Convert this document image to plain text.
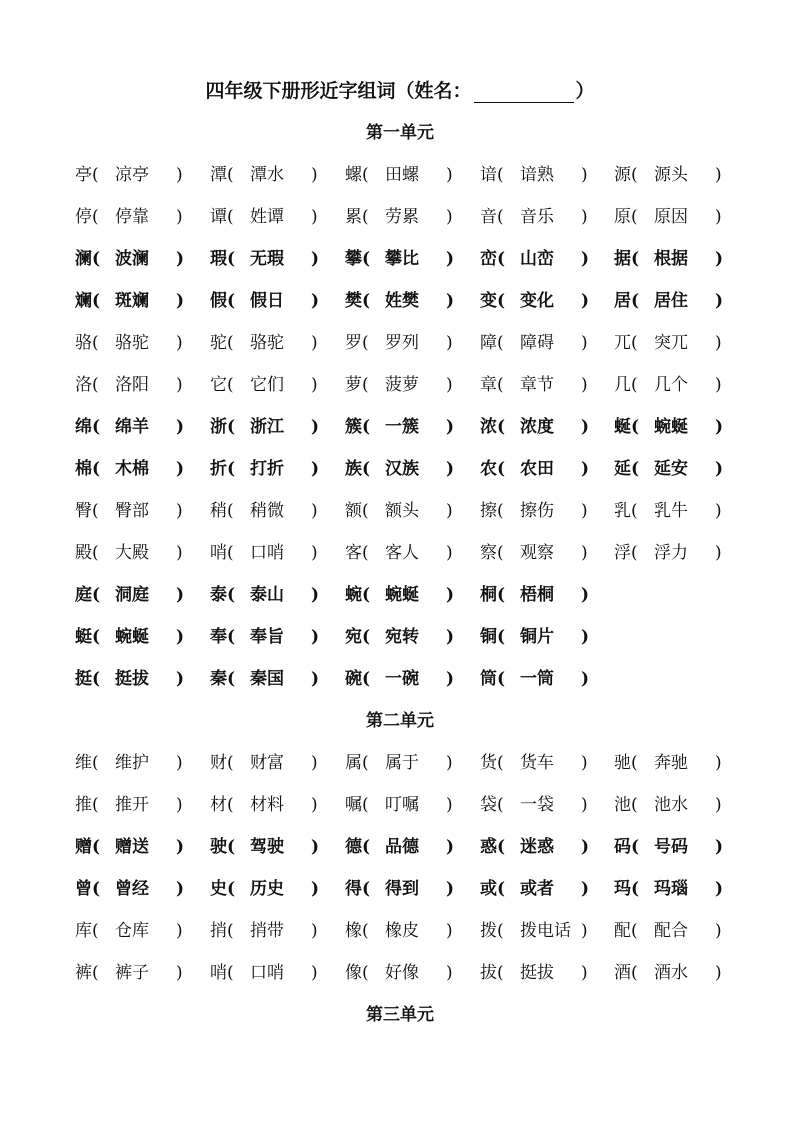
四年级下册形近字组词（姓名：	）
第一单元
亭( 凉亭 ) 潭( 潭水 ) 螺( 田螺 ) 谙( 谙熟 ) 源( 源头 )
停( 停靠 ) 谭( 姓谭 ) 累( 劳累 ) 音( 音乐 ) 原( 原因 )
澜( 波澜 ) 瑕( 无瑕 ) 攀( 攀比 ) 峦( 山峦 ) 据( 根据 )
斓( 斑斓 ) 假( 假日 ) 樊( 姓樊 ) 变( 变化 ) 居( 居住 )
骆( 骆驼 ) 驼( 骆驼 ) 罗( 罗列 ) 障( 障碍 ) 兀( 突兀 )
洛( 洛阳 ) 它( 它们 ) 萝( 菠萝 ) 章( 章节 ) 几( 几个 )
绵( 绵羊 ) 浙( 浙江 ) 簇( 一簇 ) 浓( 浓度 ) 蜒( 蜿蜒 )
棉( 木棉 ) 折( 打折 ) 族( 汉族 ) 农( 农田 ) 延( 延安 )
臀( 臀部 ) 稍( 稍微 ) 额( 额头 ) 擦( 擦伤 ) 乳( 乳牛 )
殿( 大殿 ) 哨( 口哨 ) 客( 客人 ) 察( 观察 ) 浮( 浮力 )
庭( 洞庭 ) 泰( 泰山 ) 蜿( 蜿蜒 ) 桐( 梧桐 )
蜓( 蜿蜒 ) 奉( 奉旨 ) 宛( 宛转 ) 铜( 铜片 )
挺( 挺拔 ) 秦( 秦国 ) 碗( 一碗 ) 筒( 一筒 )
第二单元
维( 维护 ) 财( 财富 ) 属( 属于 ) 货( 货车 ) 驰( 奔驰 )
推( 推开 ) 材( 材料 ) 嘱( 叮嘱 ) 袋( 一袋 ) 池( 池水 )
赠( 赠送 ) 驶( 驾驶 ) 德( 品德 ) 惑( 迷惑 ) 码( 号码 )
曾( 曾经 ) 史( 历史 ) 得( 得到 ) 或( 或者 ) 玛( 玛瑙 )
库( 仓库 ) 捎( 捎带 ) 橡( 橡皮 ) 拨( 拨电话 ) 配( 配合 )
裤( 裤子 ) 哨( 口哨 ) 像( 好像 ) 拔( 挺拔 ) 酒( 酒水 )
第三单元
